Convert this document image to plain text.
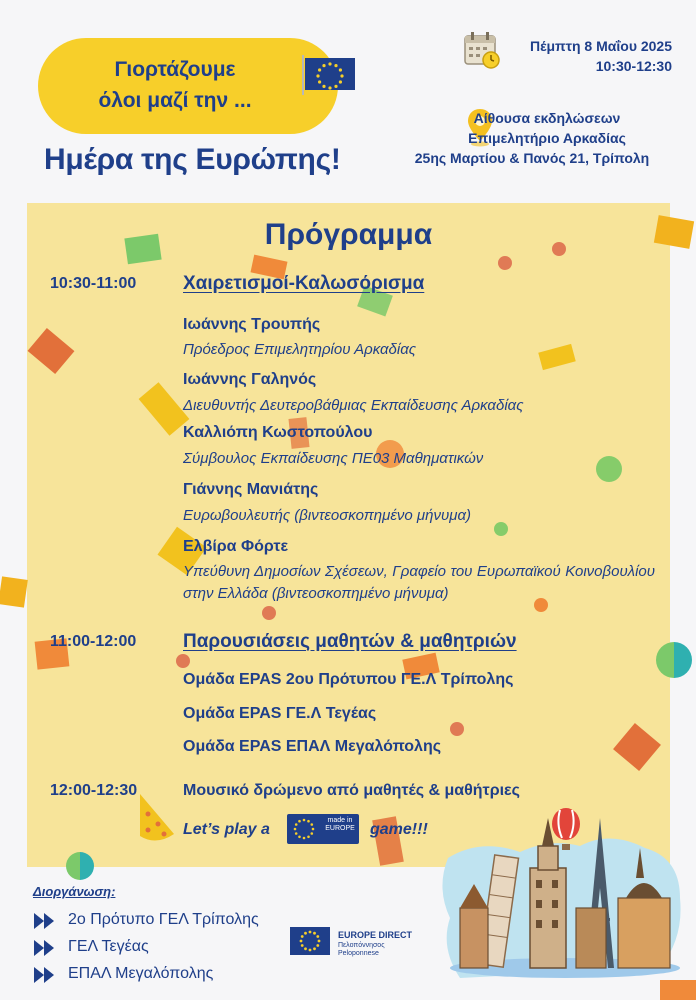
Γιορτάζουμε
όλοι μαζί την ...
Ημέρα της Ευρώπης!
Πέμπτη 8 Μαΐου 2025
10:30-12:30
Αίθουσα εκδηλώσεων
Επιμελητήριο Αρκαδίας
25ης Μαρτίου & Πανός 21, Τρίπολη
Πρόγραμμα
10:30-11:00 Χαιρετισμοί-Καλωσόρισμα
Ιωάννης Τρουπής
Πρόεδρος Επιμελητηρίου Αρκαδίας
Ιωάννης Γαληνός
Διευθυντής Δευτεροβάθμιας Εκπαίδευσης Αρκαδίας
Καλλιόπη Κωστοπούλου
Σύμβουλος Εκπαίδευσης ΠΕ03 Μαθηματικών
Γιάννης Μανιάτης
Ευρωβουλευτής (βιντεοσκοπημένο μήνυμα)
Ελβίρα Φόρτε
Υπεύθυνη Δημοσίων Σχέσεων, Γραφείο του Ευρωπαϊκού Κοινοβουλίου στην Ελλάδα (βιντεοσκοπημένο μήνυμα)
11:00-12:00 Παρουσιάσεις μαθητών & μαθητριών
Ομάδα EPAS 2ου Πρότυπου ΓΕ.Λ Τρίπολης
Ομάδα EPAS ΓΕ.Λ Τεγέας
Ομάδα EPAS ΕΠΑΛ Μεγαλόπολης
12:00-12:30	Μουσικό δρώμενο από μαθητές & μαθήτριες
Let’s play a
made in EUROPE game!!!
Διοργάνωση:
2ο Πρότυπο ΓΕΛ Τρίπολης
ΓΕΛ Τεγέας
ΕΠΑΛ Μεγαλόπολης
EUROPE DIRECT
Πελοπόννησος Peloponnese
